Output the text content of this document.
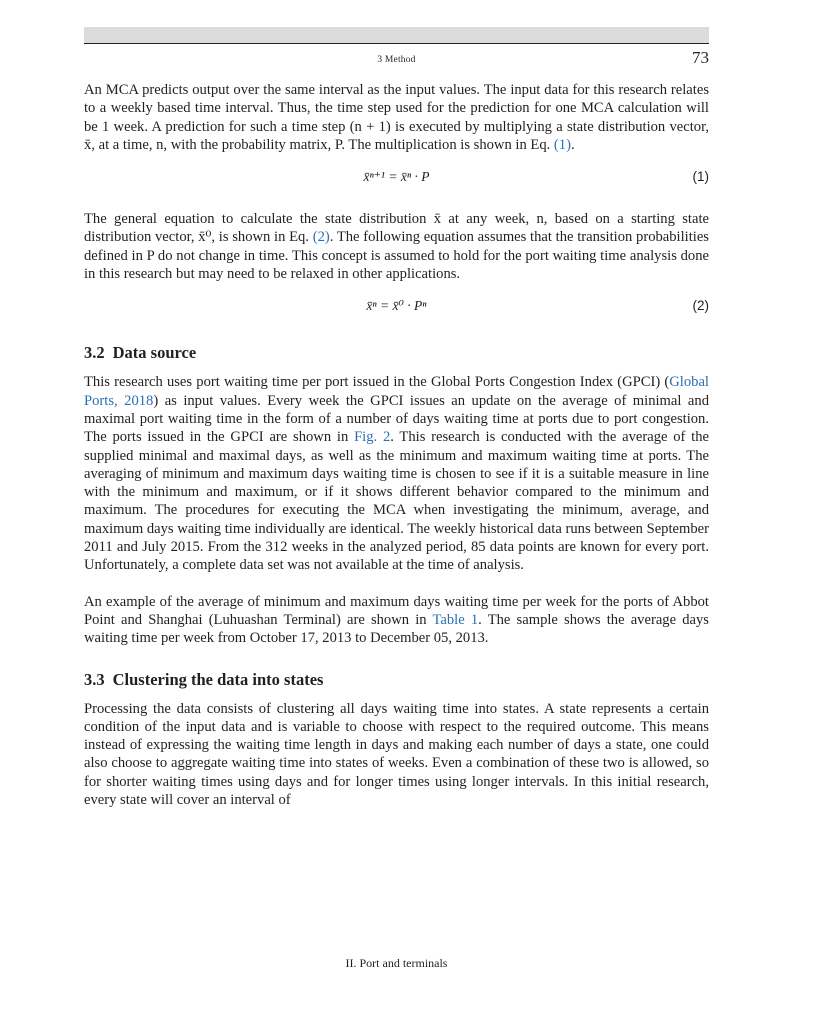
3 Method	73

An MCA predicts output over the same interval as the input values. The input data for this research relates to a weekly based time interval. Thus, the time step used for the prediction for one MCA calculation will be 1 week. A prediction for such a time step (n + 1) is executed by multiplying a state distribution vector, x̄, at a time, n, with the probability matrix, P. The multiplication is shown in Eq. (1).

x̄ⁿ⁺¹ = x̄ⁿ · P	(1)

The general equation to calculate the state distribution x̄ at any week, n, based on a starting state distribution vector, x̄⁰, is shown in Eq. (2). The following equation assumes that the transition probabilities defined in P do not change in time. This concept is assumed to hold for the port waiting time analysis done in this research but may need to be relaxed in other applications.

x̄ⁿ = x̄⁰ · Pⁿ	(2)
3.2 Data source

This research uses port waiting time per port issued in the Global Ports Congestion Index (GPCI) (Global Ports, 2018) as input values. Every week the GPCI issues an update on the average of minimal and maximal port waiting time in the form of a number of days waiting time at ports due to port congestion. The ports issued in the GPCI are shown in Fig. 2. This research is conducted with the average of the supplied minimal and maximal days, as well as the minimum and maximum waiting time at ports. The averaging of minimum and maximum days waiting time is chosen to see if it is a suitable measure in line with the minimum and maximum, or if it shows different behavior compared to the minimum and maximum. The procedures for executing the MCA when investigating the minimum, average, and maximum days waiting time individually are identical. The weekly historical data runs between September 2011 and July 2015. From the 312 weeks in the analyzed period, 85 data points are known for every port. Unfortunately, a complete data set was not available at the time of analysis.

An example of the average of minimum and maximum days waiting time per week for the ports of Abbot Point and Shanghai (Luhuashan Terminal) are shown in Table 1. The sample shows the average days waiting time per week from October 17, 2013 to December 05, 2013.

3.3 Clustering the data into states

Processing the data consists of clustering all days waiting time into states. A state represents a certain condition of the input data and is variable to choose with respect to the required outcome. This means instead of expressing the waiting time length in days and making each number of days a state, one could also choose to aggregate waiting time into states of weeks. Even a combination of these two is allowed, so for shorter waiting times using days and for longer times using longer intervals. In this initial research, every state will cover an interval of

II. Port and terminals
